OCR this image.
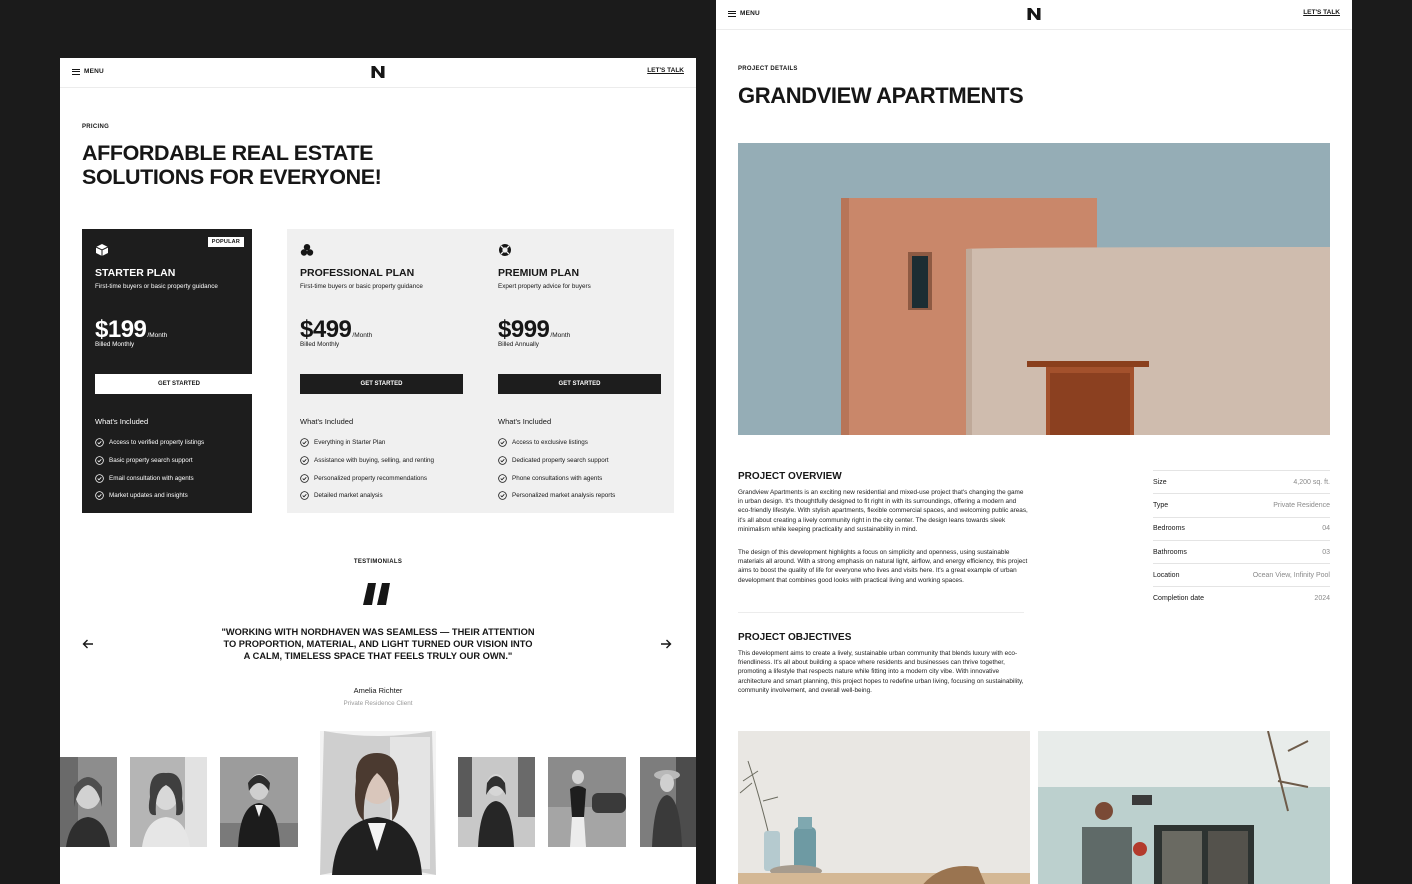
MENU	LET'S TALK
PRICING
AFFORDABLE REAL ESTATE
SOLUTIONS FOR EVERYONE!
POPULAR
STARTER PLAN
First-time buyers or basic property guidance
$199/Month
Billed Monthly
GET STARTED
What's Included
Access to verified property listings
Basic property search support
Email consultation with agents
Market updates and insights
PROFESSIONAL PLAN
First-time buyers or basic property guidance
$499/Month
Billed Monthly
GET STARTED
What's Included
Everything in Starter Plan
Assistance with buying, selling, and renting
Personalized property recommendations
Detailed market analysis
PREMIUM PLAN
Expert property advice for buyers
$999/Month
Billed Annually
GET STARTED
What's Included
Access to exclusive listings
Dedicated property search support
Phone consultations with agents
Personalized market analysis reports
TESTIMONIALS
"WORKING WITH NORDHAVEN WAS SEAMLESS — THEIR ATTENTION TO PROPORTION, MATERIAL, AND LIGHT TURNED OUR VISION INTO A CALM, TIMELESS SPACE THAT FEELS TRULY OUR OWN."
Amelia Richter
Private Residence Client
MENU	LET'S TALK
PROJECT DETAILS
GRANDVIEW APARTMENTS
PROJECT OVERVIEW
Grandview Apartments is an exciting new residential and mixed-use project that's changing the game in urban design. It's thoughtfully designed to fit right in with its surroundings, offering a modern and eco-friendly lifestyle. With stylish apartments, flexible commercial spaces, and welcoming public areas, it's all about creating a lively community right in the city center. The design leans towards sleek minimalism while keeping practicality and sustainability in mind.
The design of this development highlights a focus on simplicity and openness, using sustainable materials all around. With a strong emphasis on natural light, airflow, and energy efficiency, this project aims to boost the quality of life for everyone who lives and visits here. It's a great example of urban development that combines good looks with practical living and working spaces.
PROJECT OBJECTIVES
This development aims to create a lively, sustainable urban community that blends luxury with eco-friendliness. It's all about building a space where residents and businesses can thrive together, promoting a lifestyle that respects nature while fitting into a modern city vibe. With innovative architecture and smart planning, this project hopes to redefine urban living, focusing on sustainability, community involvement, and overall well-being.
Size	4,200 sq. ft.
Type	Private Residence
Bedrooms	04
Bathrooms	03
Location	Ocean View, Infinity Pool
Completion date	2024
